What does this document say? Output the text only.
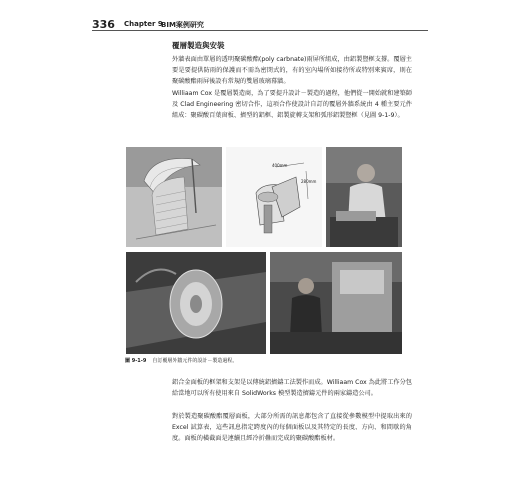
336 Chapter 9
BIM案例研究
覆層製造與安裝

外牆表面由單層的透明聚碳酸酯(poly carbnate)雨屏所組成，由鋁製豎框支撐。覆層主要是要提供防雨的保護而不需為密閉式的，有的室內場所如接待所或特別來賓席，則在聚碳酸酯雨屏後設有常規的雙層玻璃幕牆。

Williaam Cox 是覆層製造商，為了要提升設計－製造的過程，他們從一開始就和建築師及 Clad Engineering 密切合作，這項合作使設計自訂的覆層外牆系統由 4 種主要元件組成：聚碳酸百葉窗板、擠型的鋁框、鋁製旋轉支架和弧形鋁製豎框（見圖 9-1-9）。

400mm
280mm
圖 9-1-9 自訂覆層外牆元件的設計－製造過程。

鋁合金面板的框架和支架是以傳統鋁擠鑄工法製作而成。Williaam Cox 為此將工作分包給當地可以所有使用來自 SolidWorks 模型製造擠鑄元件的兩家鑄造公司。

對於製造聚碳酸酯覆層面板，大部分所需的訊息都包含了直接從參數模型中提取出來的 Excel 試算表，這些訊息指定跨度內的每個面板以及其特定的長度、方向、和間歇的角度。面板的橫截面是連續且經冷折疊而完成的聚碳酸酯板材。
